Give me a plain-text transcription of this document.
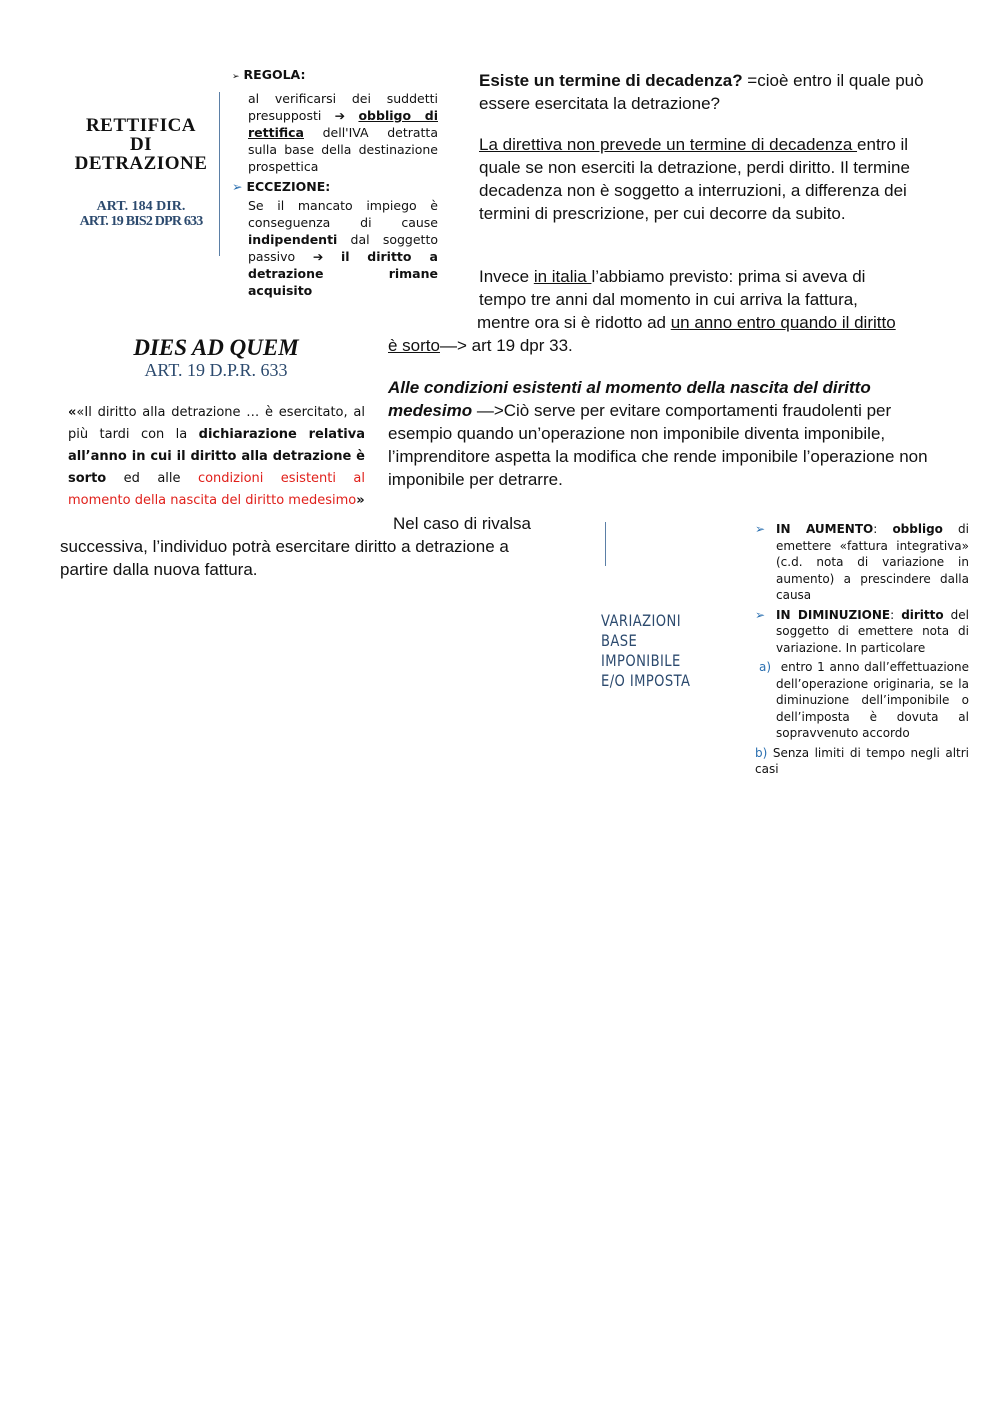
RETTIFICA
DI
DETRAZIONE
ART. 184 DIR.
ART. 19 BIS2 DPR 633
➢ REGOLA:
al verificarsi dei suddetti presupposti ➔ obbligo di rettifica dell'IVA detratta sulla base della destinazione prospettica
➢ ECCEZIONE:
Se il mancato impiego è conseguenza di cause indipendenti dal soggetto passivo ➔ il diritto a detrazione rimane acquisito
Esiste un termine di decadenza? =cioè entro il quale può essere esercitata la detrazione?
La direttiva non prevede un termine di decadenza entro il quale se non eserciti la detrazione, perdi diritto. Il termine decadenza non è soggetto a interruzioni, a differenza dei termini di prescrizione, per cui decorre da subito.
Invece in italia l’abbiamo previsto: prima si aveva di
tempo tre anni dal momento in cui arriva la fattura,
mentre ora si è ridotto ad un anno entro quando il diritto
è sorto—> art 19 dpr 33.
DIES AD QUEM
ART. 19 D.P.R. 633
««Il diritto alla detrazione … è esercitato, al più tardi con la dichiarazione relativa all’anno in cui il diritto alla detrazione è sorto ed alle condizioni esistenti al momento della nascita del diritto medesimo»
Alle condizioni esistenti al momento della nascita del diritto medesimo —>Ciò serve per evitare comportamenti fraudolenti per esempio quando un’operazione non imponibile diventa imponibile, l’imprenditore aspetta la modifica che rende imponibile l’operazione non imponibile per detrarre.
Nel caso di rivalsa
successiva, l’individuo potrà esercitare diritto a detrazione a partire dalla nuova fattura.
VARIAZIONI
BASE IMPONIBILE
E/O IMPOSTA
➢ IN AUMENTO: obbligo di emettere «fattura integrativa» (c.d. nota di variazione in aumento) a prescindere dalla causa
➢ IN DIMINUZIONE: diritto del soggetto di emettere nota di variazione. In particolare
a) entro 1 anno dall’effettuazione dell’operazione originaria, se la diminuzione dell’imponibile o dell’imposta è dovuta al sopravvenuto accordo
b) Senza limiti di tempo negli altri casi
